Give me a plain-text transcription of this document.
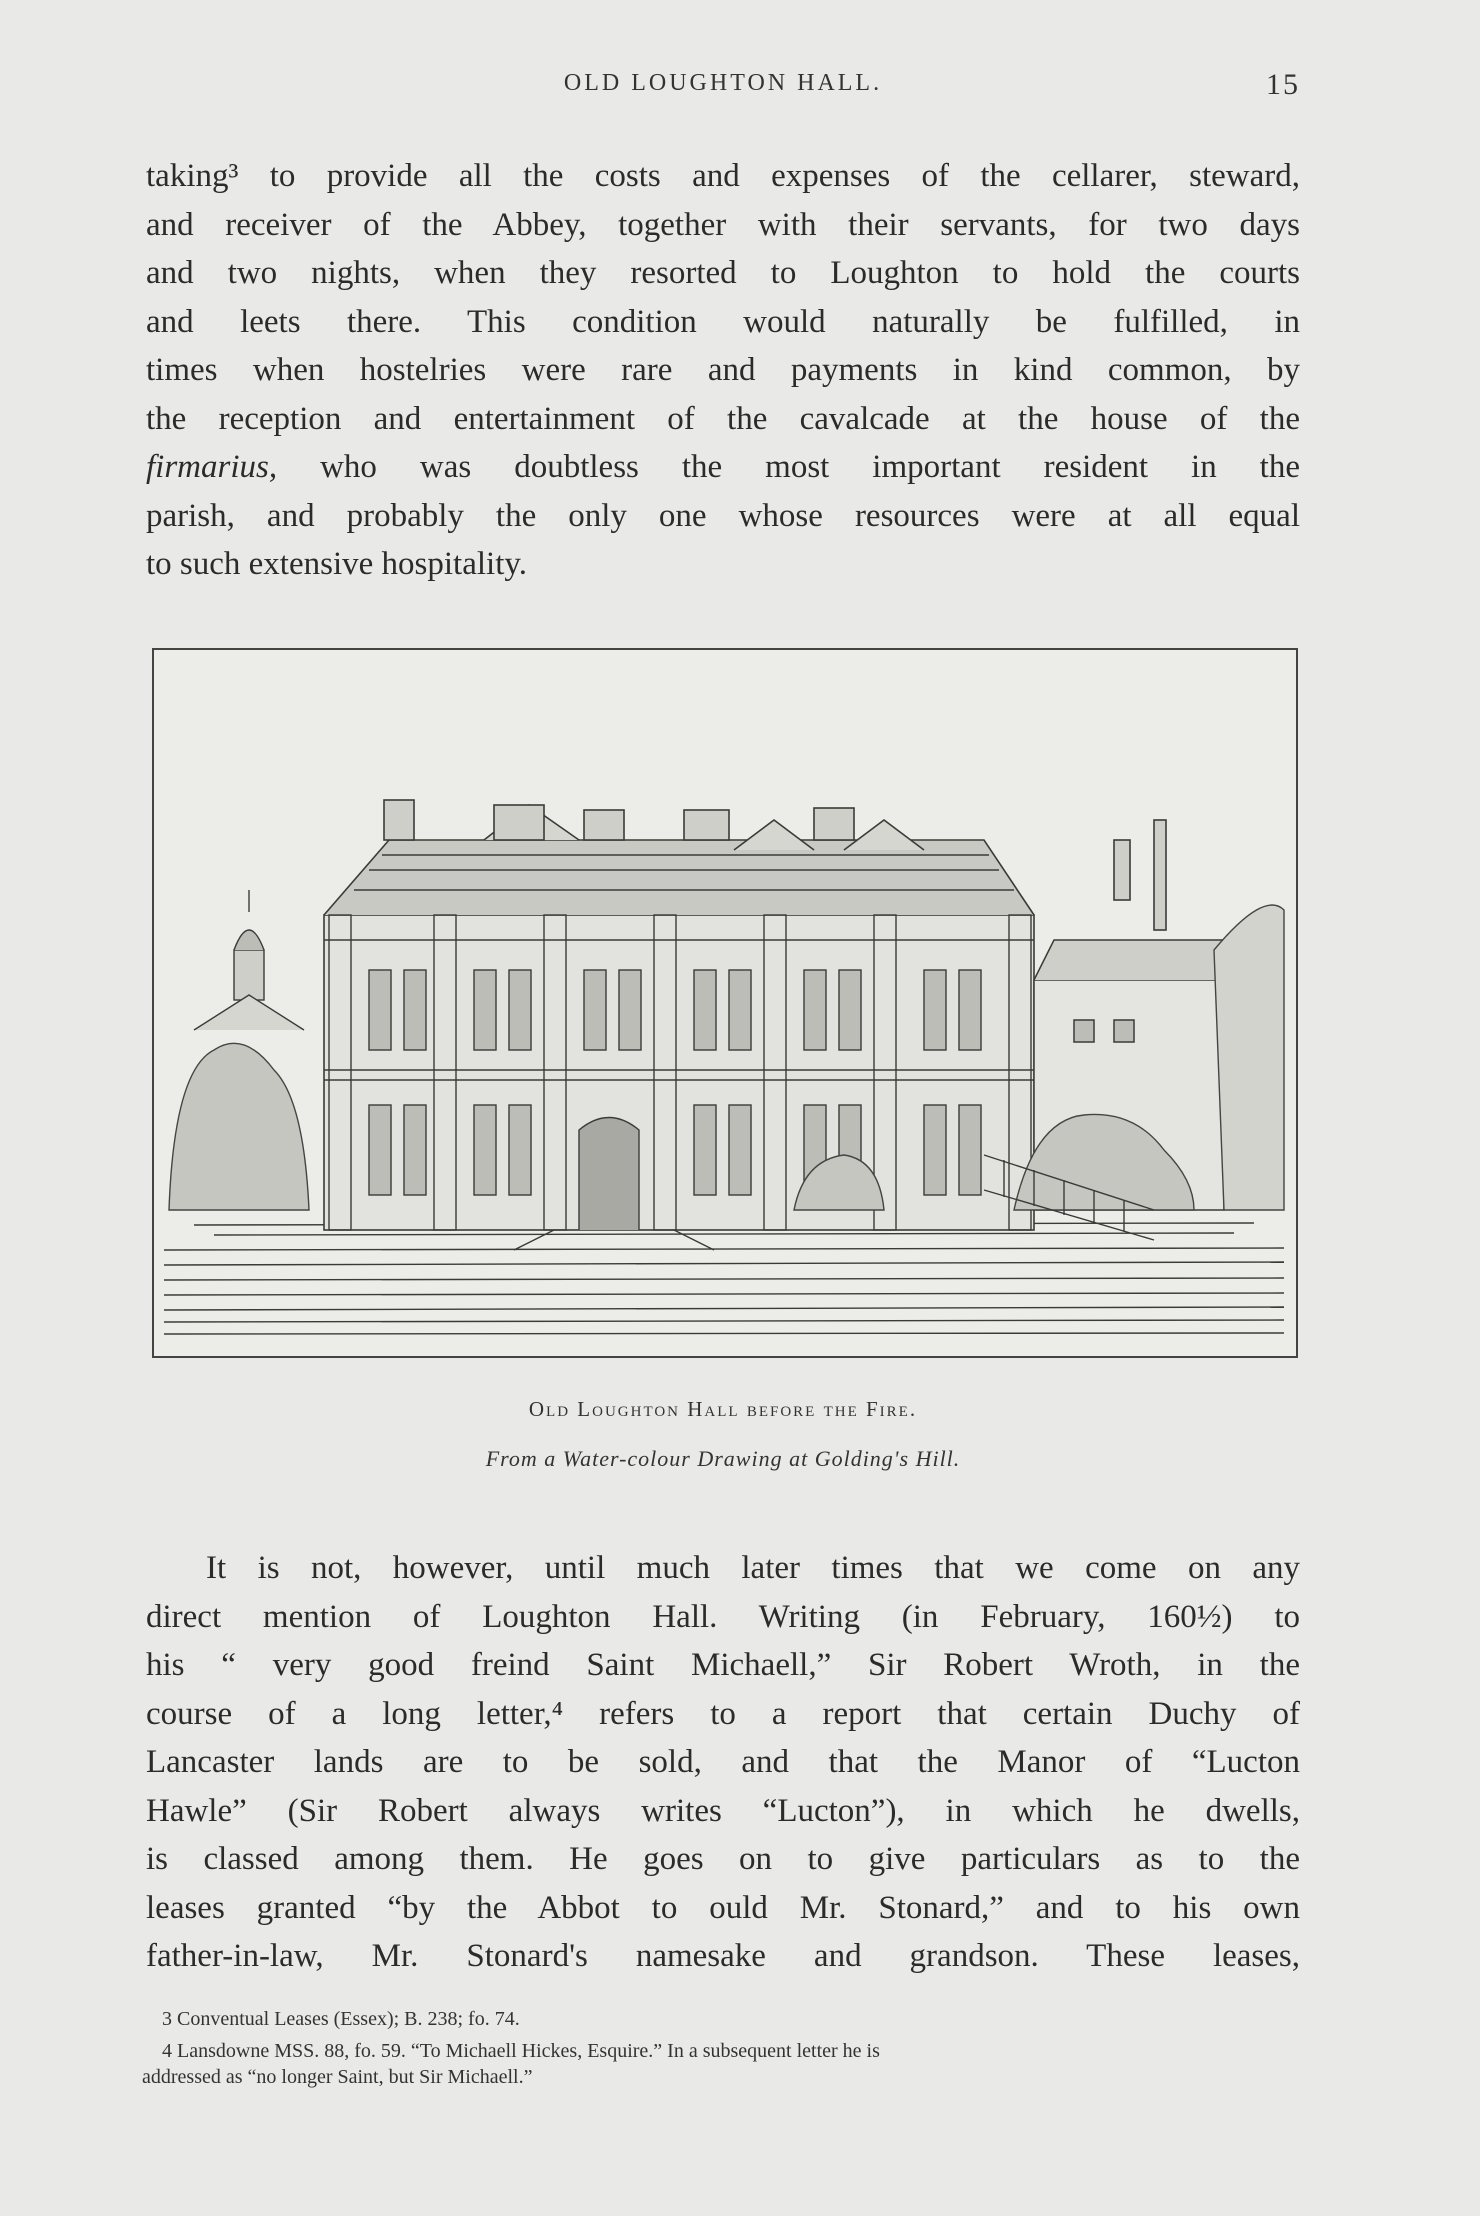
OLD LOUGHTON HALL.	15
taking³ to provide all the costs and expenses of the cellarer, steward,
and receiver of the Abbey, together with their servants, for two days
and two nights, when they resorted to Loughton to hold the courts
and leets there. This condition would naturally be fulfilled, in
times when hostelries were rare and payments in kind common, by
the reception and entertainment of the cavalcade at the house of the
firmarius, who was doubtless the most important resident in the
parish, and probably the only one whose resources were at all equal
to such extensive hospitality.
Old Loughton Hall before the Fire.
From a Water-colour Drawing at Golding's Hill.
It is not, however, until much later times that we come on any
direct mention of Loughton Hall. Writing (in February, 160½) to
his “ very good freind Saint Michaell,” Sir Robert Wroth, in the
course of a long letter,⁴ refers to a report that certain Duchy of
Lancaster lands are to be sold, and that the Manor of “Lucton
Hawle” (Sir Robert always writes “Lucton”), in which he dwells,
is classed among them. He goes on to give particulars as to the
leases granted “by the Abbot to ould Mr. Stonard,” and to his own
father-in-law, Mr. Stonard's namesake and grandson. These leases,

3 Conventual Leases (Essex); B. 238; fo. 74.

4 Lansdowne MSS. 88, fo. 59. “To Michaell Hickes, Esquire.” In a subsequent letter he is

addressed as “no longer Saint, but Sir Michaell.”
